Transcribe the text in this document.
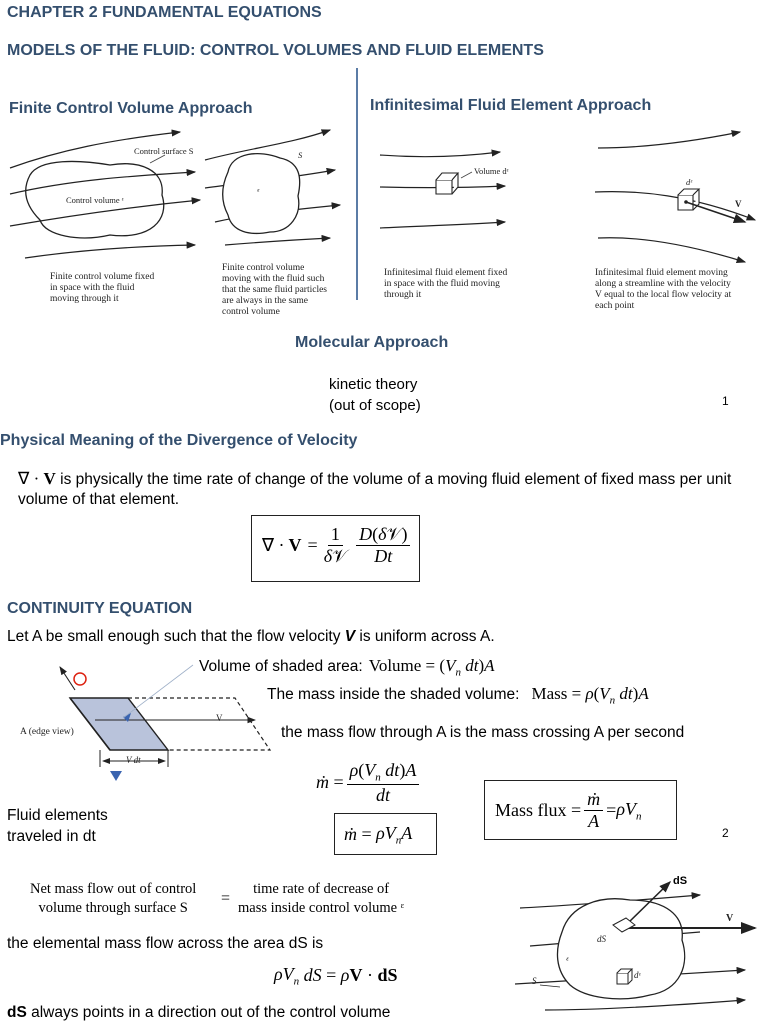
CHAPTER 2 FUNDAMENTAL EQUATIONS
MODELS OF THE FLUID: CONTROL VOLUMES AND FLUID ELEMENTS
Finite Control Volume Approach	Infinitesimal Fluid Element Approach
Control surface S
Control volume ᵋ
S
ᵋ
Volume dᵋ
dᵋ
V
Finite control volume fixed in space with the fluid moving through it
Finite control volume moving with the fluid such that the same fluid particles are always in the same control volume
Infinitesimal fluid element fixed in space with the fluid moving through it
Infinitesimal fluid element moving along a streamline with the velocity V equal to the local flow velocity at each point
Molecular Approach
kinetic theory
(out of scope)	1
Physical Meaning of the Divergence of Velocity
∇ · V is physically the time rate of change of the volume of a moving fluid element of fixed mass per unit volume of that element.
∇ · $V = \frac{1}{\text{δ𝒱}} \frac{\text{D(δ𝒱)}}{Dt}$
CONTINUITY EQUATION
Let A be small enough such that the flow velocity V is uniform across A.
A (edge view)
V
V dt
Volume of shaded area: Volume = ($V_n$ dt)A
The mass inside the shaded volume: Mass = $\rho(V_n$ dt)A
the mass flow through A is the mass crossing A per second
ṁ = $\frac{\rho(V_n dt)A}{dt}$
ṁ = $\rho V_nA$
Mass flux = $\frac{\text{ṁ}}{A} = \rho V_n$
2
Fluid elements
traveled in dt
Net mass flow out of control
volume through surface S
=
time rate of decrease of
mass inside control volume ᵋ
the elemental mass flow across the area dS is
$\rho V_n$
dS = ρ V · dS
dS always points in a direction out of the control volume
dS
V
dS
ᵋ
dᵋ
S
